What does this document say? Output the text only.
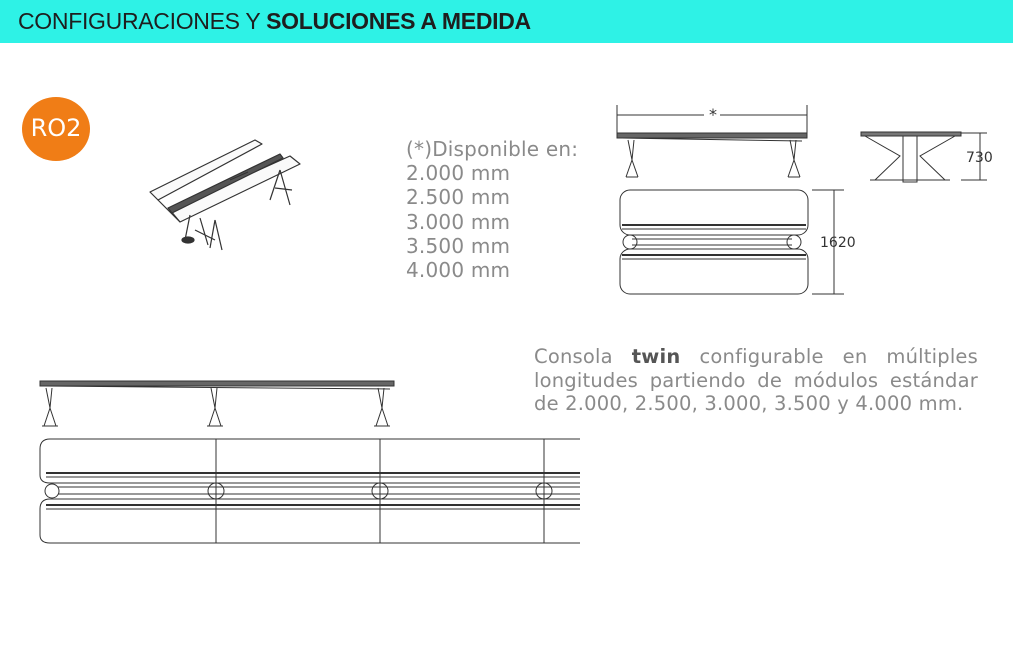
CONFIGURACIONES Y SOLUCIONES A MEDIDA
RO2
(*)Disponible en:
2.000 mm
2.500 mm
3.000 mm
3.500 mm
4.000 mm
*
730
1620
Consola twin configurable en múltiples longitudes partiendo de módulos estándar de 2.000, 2.500, 3.000, 3.500 y 4.000 mm.
